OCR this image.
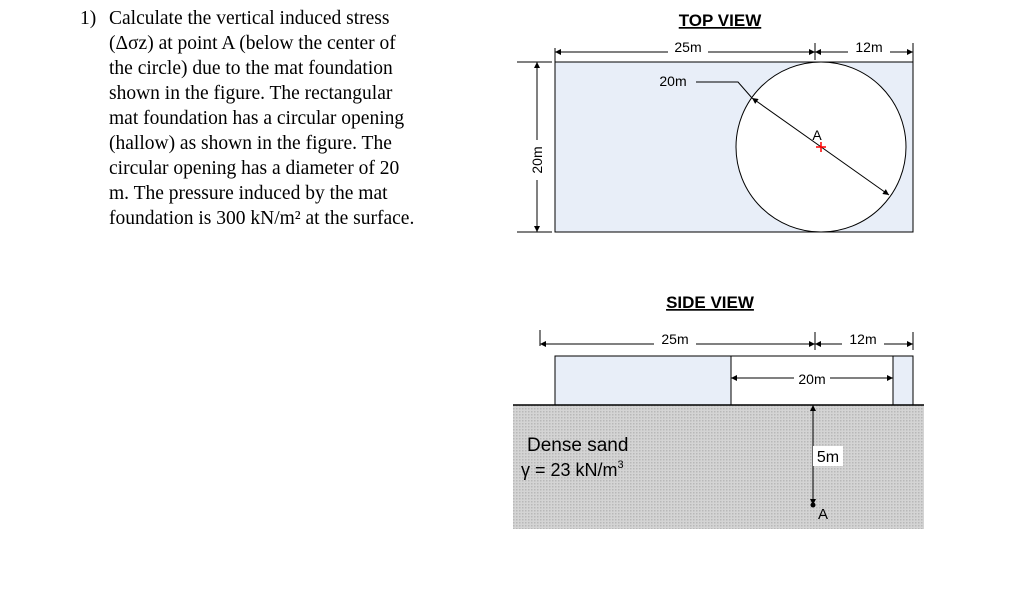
1) Calculate the vertical induced stress
(Δσz) at point A (below the center of
the circle) due to the mat foundation
shown in the figure. The rectangular
mat foundation has a circular opening
(hallow) as shown in the figure. The
circular opening has a diameter of 20
m. The pressure induced by the mat
foundation is 300 kN/m² at the surface.
TOP VIEW
25m	12m
20m
A
20m
SIDE VIEW
25m	12m
20m
Dense sand
γ = 23 $kN/m^3$	5m
A
